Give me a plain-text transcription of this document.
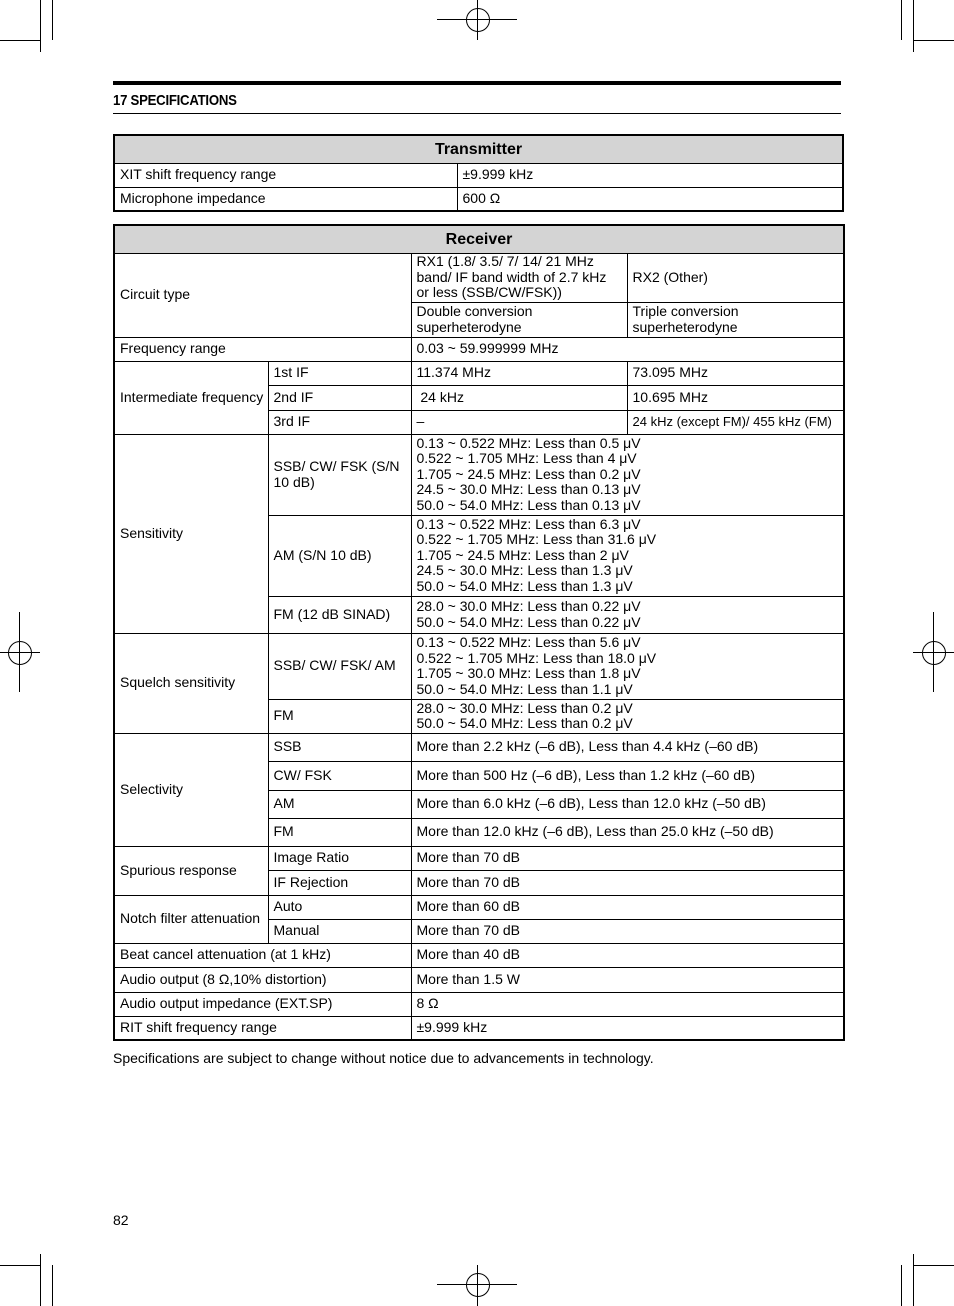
17 SPECIFICATIONS
Transmitter	
XIT shift frequency range	±9.999 kHz
Microphone impedance	600 Ω
Receiver			
Circuit type		RX1 (1.8/ 3.5/ 7/ 14/ 21 MHz band/ IF band width of 2.7 kHz or less (SSB/CW/FSK))	RX2 (Other)
		Double conversion superheterodyne	Triple conversion superheterodyne
Frequency range		0.03 ~ 59.999999 MHz	
Intermediate frequency	1st IF	11.374 MHz	73.095 MHz
	2nd IF	24 kHz	10.695 MHz
	3rd IF	–	24 kHz (except FM)/ 455 kHz (FM)
Sensitivity	SSB/ CW/ FSK (S/N 10 dB)	0.13 ~ 0.522 MHz: Less than 0.5 μV
0.522 ~ 1.705 MHz: Less than 4 μV
1.705 ~ 24.5 MHz: Less than 0.2 μV
24.5 ~ 30.0 MHz: Less than 0.13 μV
50.0 ~ 54.0 MHz: Less than 0.13 μV	

	AM (S/N 10 dB)	0.13 ~ 0.522 MHz: Less than 6.3 μV
0.522 ~ 1.705 MHz: Less than 31.6 μV
1.705 ~ 24.5 MHz: Less than 2 μV
24.5 ~ 30.0 MHz: Less than 1.3 μV
50.0 ~ 54.0 MHz: Less than 1.3 μV	

	FM (12 dB SINAD)	28.0 ~ 30.0 MHz: Less than 0.22 μV
50.0 ~ 54.0 MHz: Less than 0.22 μV	

Squelch sensitivity	SSB/ CW/ FSK/ AM	0.13 ~ 0.522 MHz: Less than 5.6 μV
0.522 ~ 1.705 MHz: Less than 18.0 μV
1.705 ~ 30.0 MHz: Less than 1.8 μV
50.0 ~ 54.0 MHz: Less than 1.1 μV	

	FM	28.0 ~ 30.0 MHz: Less than 0.2 μV
50.0 ~ 54.0 MHz: Less than 0.2 μV	

Selectivity	SSB	More than 2.2 kHz (–6 dB), Less than 4.4 kHz (–60 dB)	
	CW/ FSK	More than 500 Hz (–6 dB), Less than 1.2 kHz (–60 dB)	
	AM	More than 6.0 kHz (–6 dB), Less than 12.0 kHz (–50 dB)	
	FM	More than 12.0 kHz (–6 dB), Less than 25.0 kHz (–50 dB)	
Spurious response	Image Ratio	More than 70 dB	
	IF Rejection	More than 70 dB	
Notch filter attenuation	Auto	More than 60 dB	
	Manual	More than 70 dB	
Beat cancel attenuation (at 1 kHz)		More than 40 dB	
Audio output (8 Ω,10% distortion)		More than 1.5 W	
Audio output impedance (EXT.SP)		8 Ω	
RIT shift frequency range		±9.999 kHz	
Specifications are subject to change without notice due to advancements in technology.
82
